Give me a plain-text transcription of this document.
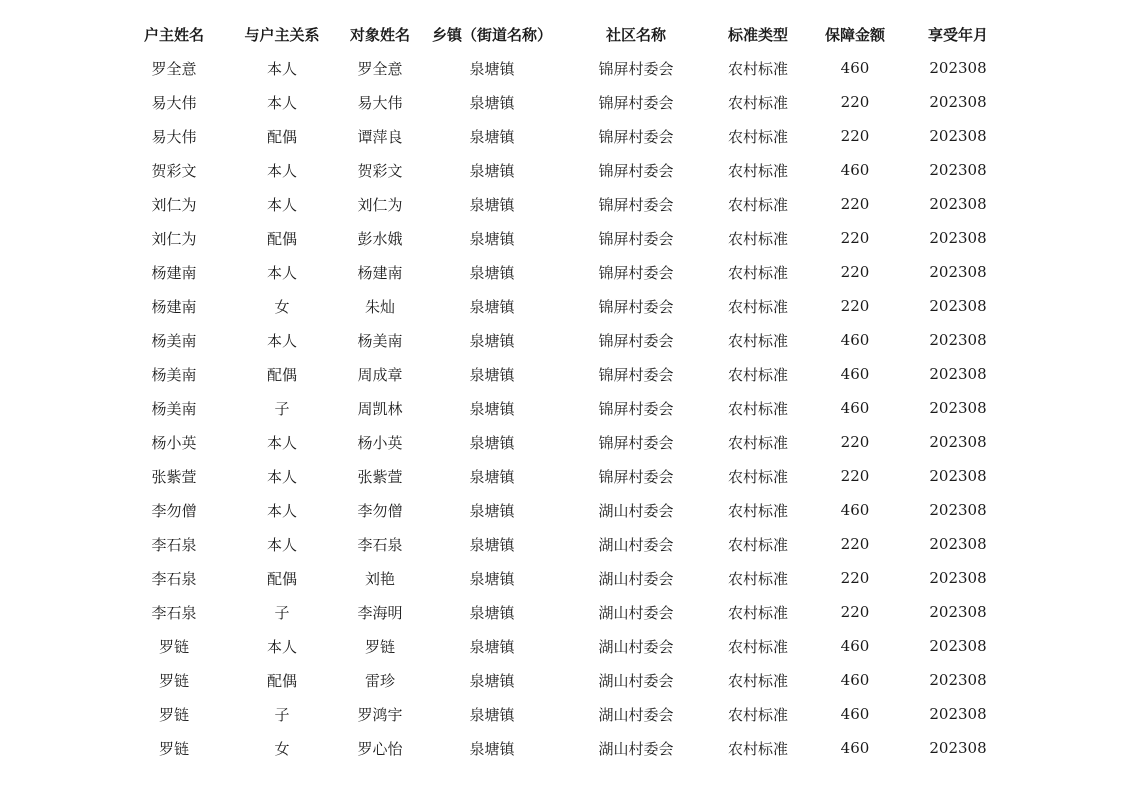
户主姓名	与户主关系	对象姓名	乡镇（街道名称）	社区名称	标准类型	保障金额	享受年月
罗全意	本人	罗全意	泉塘镇	锦屏村委会	农村标准	460	202308
易大伟	本人	易大伟	泉塘镇	锦屏村委会	农村标准	220	202308
易大伟	配偶	谭萍良	泉塘镇	锦屏村委会	农村标准	220	202308
贺彩文	本人	贺彩文	泉塘镇	锦屏村委会	农村标准	460	202308
刘仁为	本人	刘仁为	泉塘镇	锦屏村委会	农村标准	220	202308
刘仁为	配偶	彭水娥	泉塘镇	锦屏村委会	农村标准	220	202308
杨建南	本人	杨建南	泉塘镇	锦屏村委会	农村标准	220	202308
杨建南	女	朱灿	泉塘镇	锦屏村委会	农村标准	220	202308
杨美南	本人	杨美南	泉塘镇	锦屏村委会	农村标准	460	202308
杨美南	配偶	周成章	泉塘镇	锦屏村委会	农村标准	460	202308
杨美南	子	周凯林	泉塘镇	锦屏村委会	农村标准	460	202308
杨小英	本人	杨小英	泉塘镇	锦屏村委会	农村标准	220	202308
张紫萱	本人	张紫萱	泉塘镇	锦屏村委会	农村标准	220	202308
李勿僧	本人	李勿僧	泉塘镇	湖山村委会	农村标准	460	202308
李石泉	本人	李石泉	泉塘镇	湖山村委会	农村标准	220	202308
李石泉	配偶	刘艳	泉塘镇	湖山村委会	农村标准	220	202308
李石泉	子	李海明	泉塘镇	湖山村委会	农村标准	220	202308
罗链	本人	罗链	泉塘镇	湖山村委会	农村标准	460	202308
罗链	配偶	雷珍	泉塘镇	湖山村委会	农村标准	460	202308
罗链	子	罗鸿宇	泉塘镇	湖山村委会	农村标准	460	202308
罗链	女	罗心怡	泉塘镇	湖山村委会	农村标准	460	202308
